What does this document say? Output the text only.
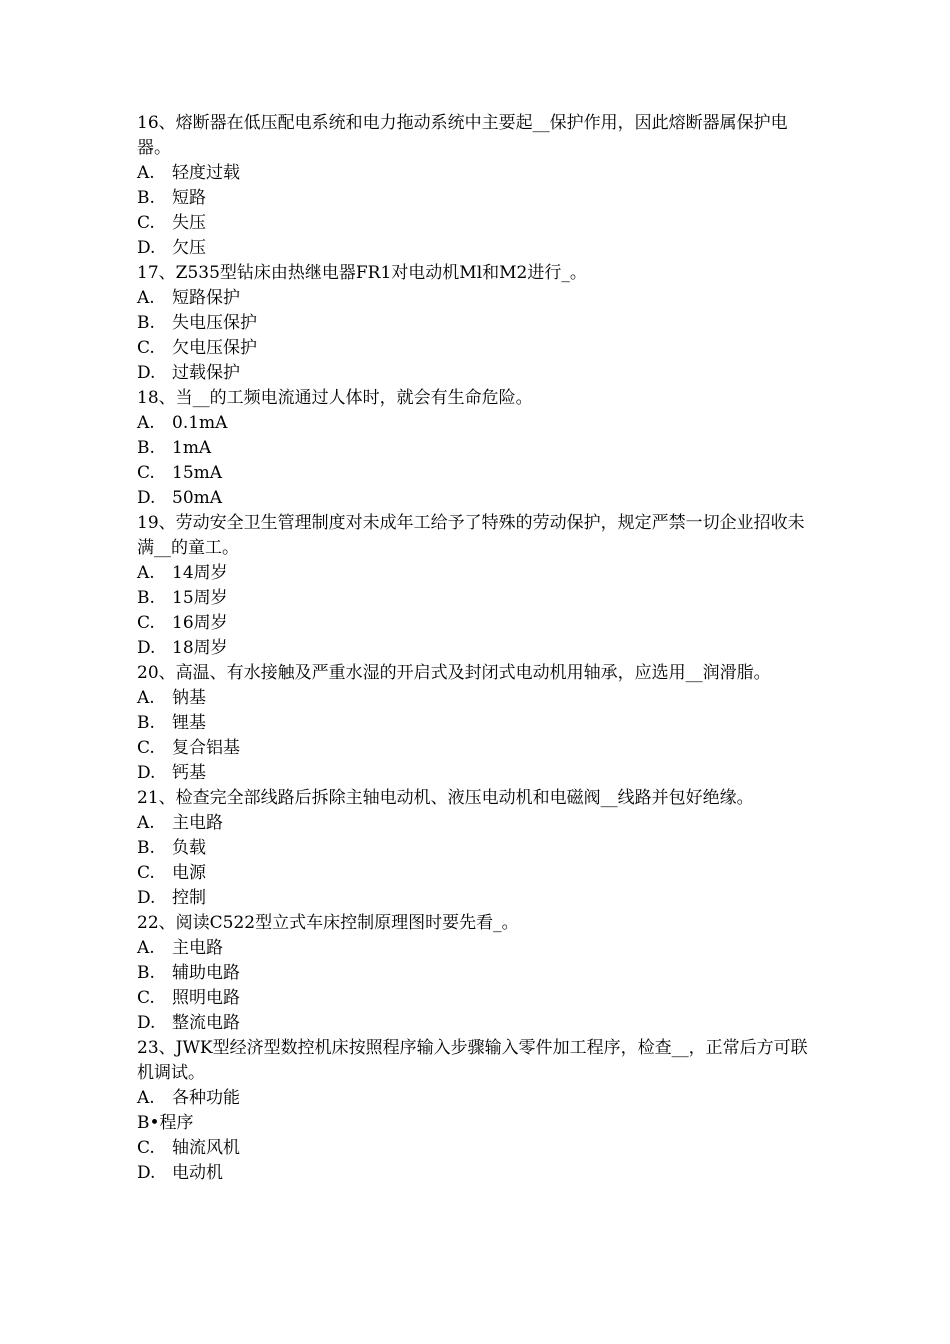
16、熔断器在低压配电系统和电力拖动系统中主要起__保护作用，因此熔断器属保护电器。

A. 轻度过载

B. 短路

C. 失压

D. 欠压

17、Z535型钻床由热继电器FR1对电动机Ml和M2进行_。

A. 短路保护

B. 失电压保护

C. 欠电压保护

D. 过载保护

18、当__的工频电流通过人体时，就会有生命危险。

A. 0.1mA

B. 1mA

C. 15mA

D. 50mA

19、劳动安全卫生管理制度对未成年工给予了特殊的劳动保护，规定严禁一切企业招收未满__的童工。

A. 14周岁

B. 15周岁

C. 16周岁

D. 18周岁

20、高温、有水接触及严重水湿的开启式及封闭式电动机用轴承，应选用__润滑脂。

A. 钠基

B. 锂基

C. 复合铝基

D. 钙基

21、检查完全部线路后拆除主轴电动机、液压电动机和电磁阀__线路并包好绝缘。

A. 主电路

B. 负载

C. 电源

D. 控制

22、阅读C522型立式车床控制原理图时要先看_。

A. 主电路

B. 辅助电路

C. 照明电路

D. 整流电路

23、JWK型经济型数控机床按照程序输入步骤输入零件加工程序，检查__，正常后方可联机调试。

A. 各种功能

B•程序

C. 轴流风机

D. 电动机
